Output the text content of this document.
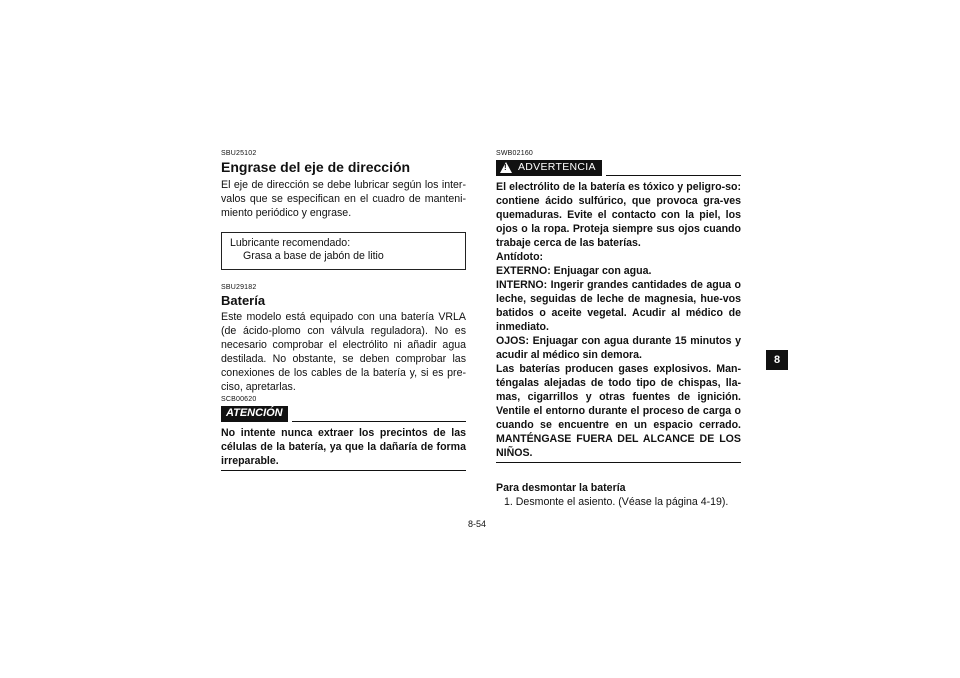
SBU25102
Engrase del eje de dirección

El eje de dirección se debe lubricar según los inter-valos que se especifican en el cuadro de manteni-miento periódico y engrase.

Lubricante recomendado:
Grasa a base de jabón de litio
SBU29182
Batería

Este modelo está equipado con una batería VRLA (de ácido-plomo con válvula reguladora). No es necesario comprobar el electrólito ni añadir agua destilada. No obstante, se deben comprobar las conexiones de los cables de la batería y, si es pre-ciso, apretarlas.

SCB00620
ATENCIÓN

No intente nunca extraer los precintos de las células de la batería, ya que la dañaría de forma irreparable.

SWB02160
! ADVERTENCIA

El electrólito de la batería es tóxico y peligro-so: contiene ácido sulfúrico, que provoca gra-ves quemaduras. Evite el contacto con la piel, los ojos o la ropa. Proteja siempre sus ojos cuando trabaje cerca de las baterías.

Antídoto:

EXTERNO: Enjuagar con agua.

INTERNO: Ingerir grandes cantidades de agua o leche, seguidas de leche de magnesia, hue-vos batidos o aceite vegetal. Acudir al médico de inmediato.

OJOS: Enjuagar con agua durante 15 minutos y acudir al médico sin demora.

Las baterías producen gases explosivos. Man-téngalas alejadas de todo tipo de chispas, lla-mas, cigarrillos y otras fuentes de ignición. Ventile el entorno durante el proceso de carga o cuando se encuentre en un espacio cerrado. MANTÉNGASE FUERA DEL ALCANCE DE LOS NIÑOS.

Para desmontar la batería
1. Desmonte el asiento. (Véase la página 4-19).
8-54
8
